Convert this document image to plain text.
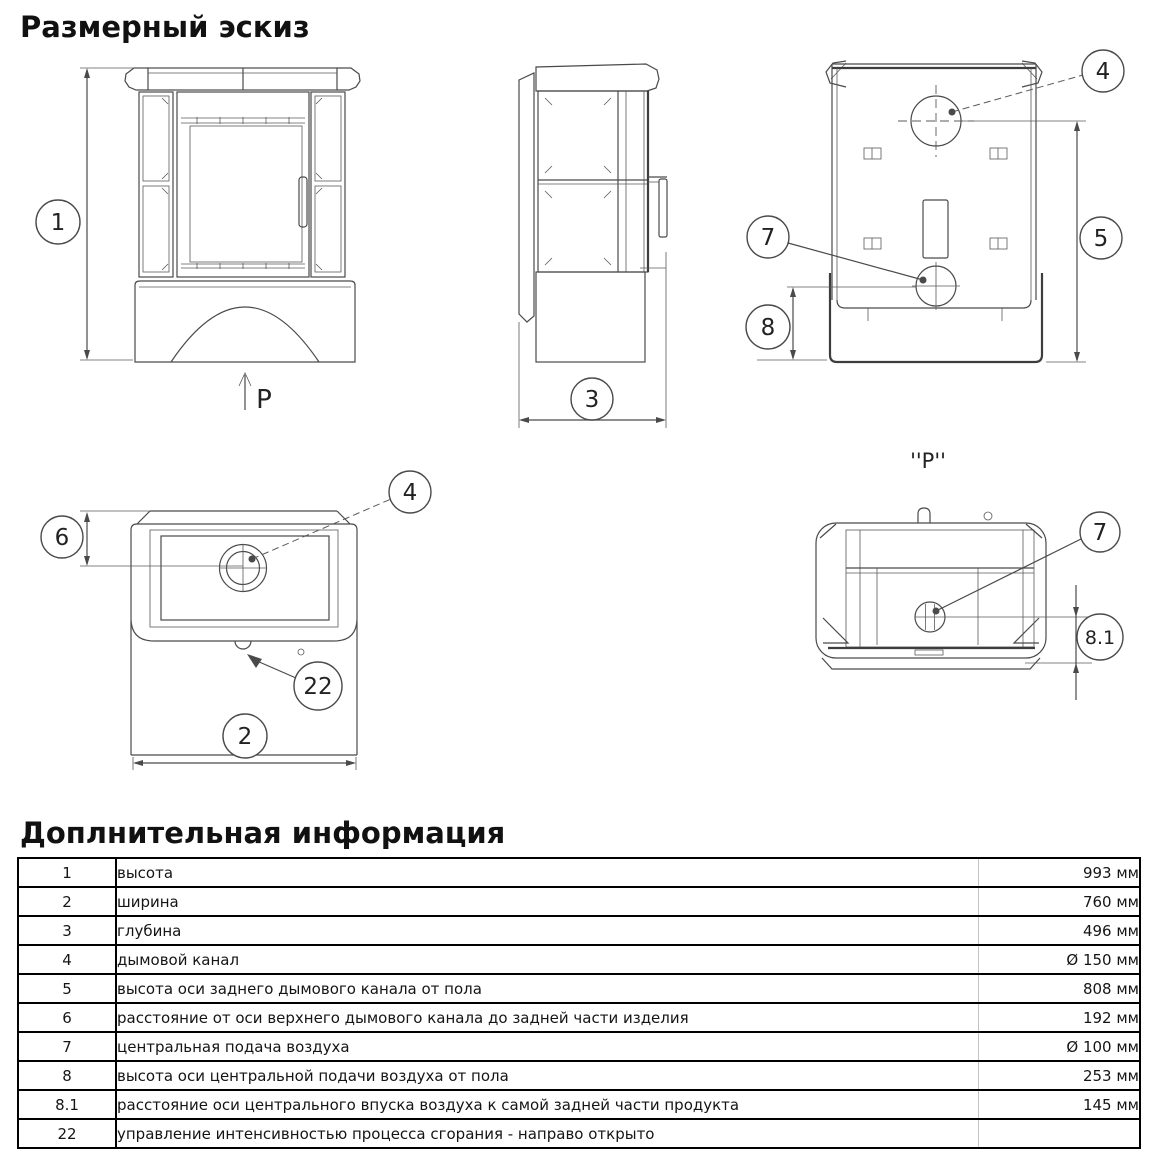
Размерный эскиз
1
P	3
4
5
7
8
4
6
22
2
''P''
7
8.1
Доплнительная информация
1	высота	993 мм
2	ширина	760 мм
3	глубина	496 мм
4	дымовой канал	Ø 150 мм
5	высота оси заднего дымового канала от пола	808 мм
6	расстояние от оси верхнего дымового канала до задней части изделия	192 мм
7	центральная подача воздуха	Ø 100 мм
8	высота оси центральной подачи воздуха от пола	253 мм
8.1	расстояние оси центрального впуска воздуха к самой задней части продукта	145 мм
22	управление интенсивностью процесса сгорания - направо открыто	
